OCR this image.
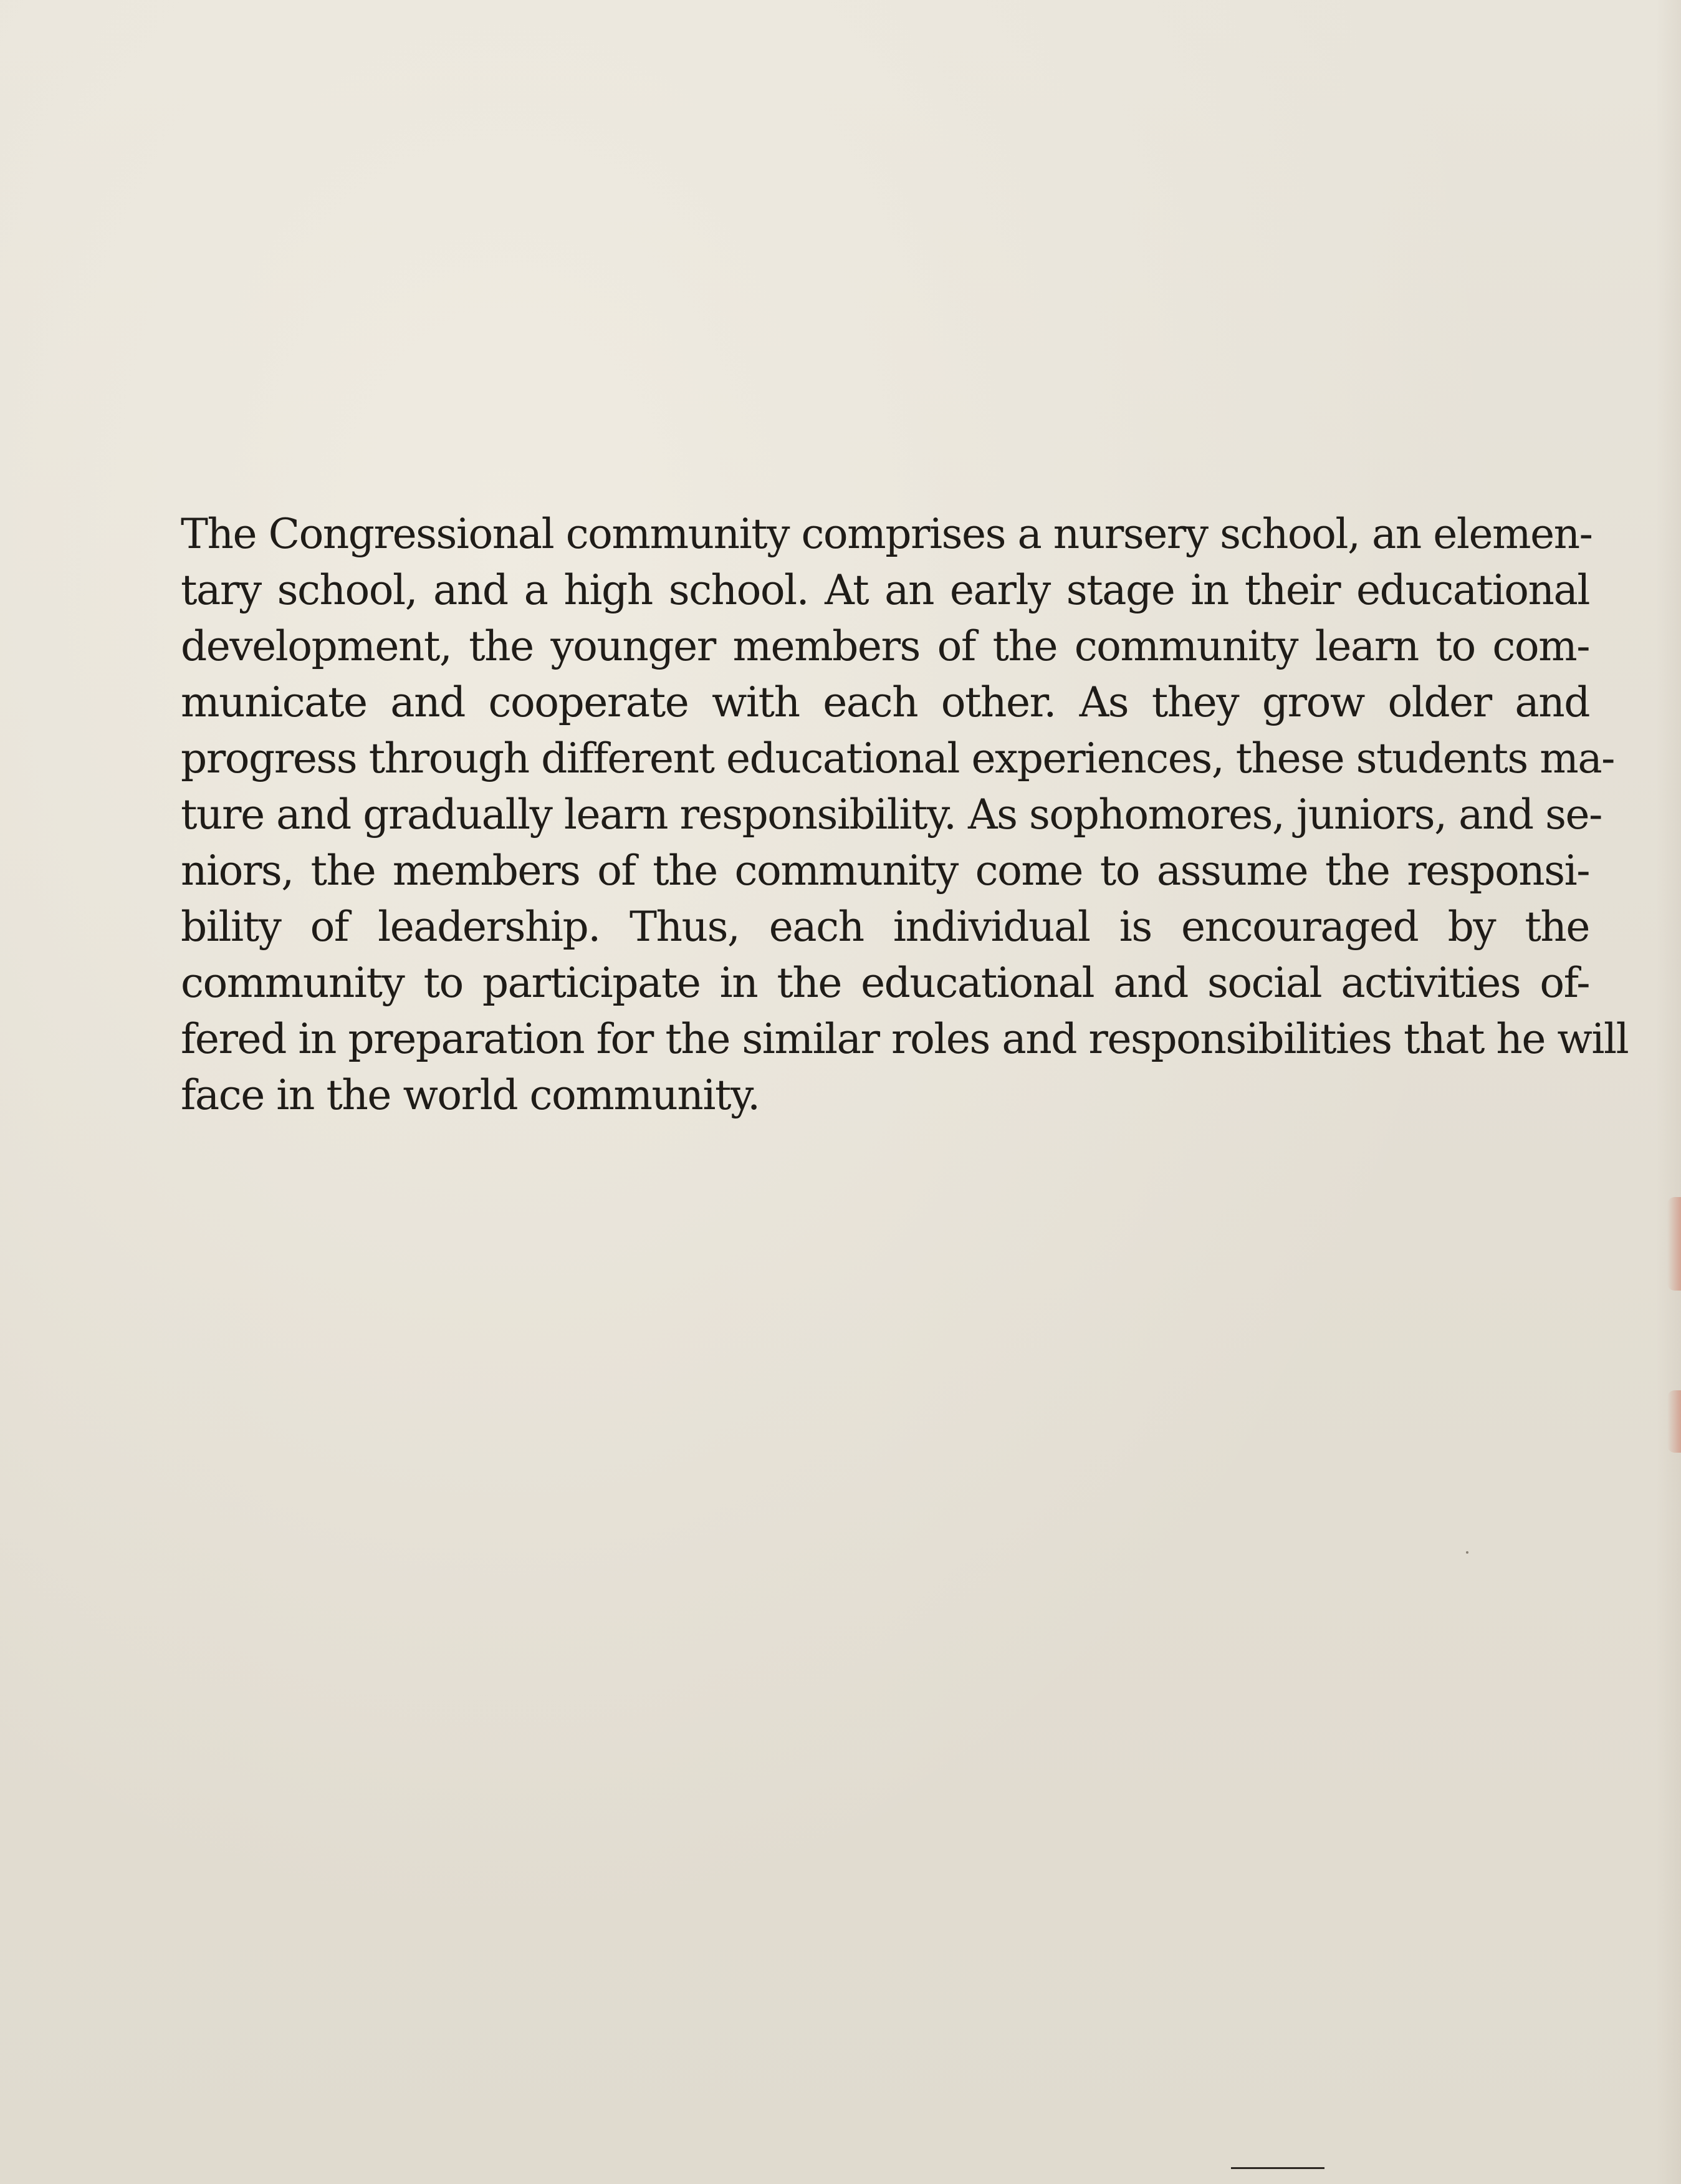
The Congressional community comprises a nursery school, an elemen-
tary school, and a high school. At an early stage in their educational
development, the younger members of the community learn to com-
municate and cooperate with each other. As they grow older and
progress through different educational experiences, these students ma-
ture and gradually learn responsibility. As sophomores, juniors, and se-
niors, the members of the community come to assume the responsi-
bility of leadership. Thus, each individual is encouraged by the
community to participate in the educational and social activities of-
fered in preparation for the similar roles and responsibilities that he will
face in the world community.
